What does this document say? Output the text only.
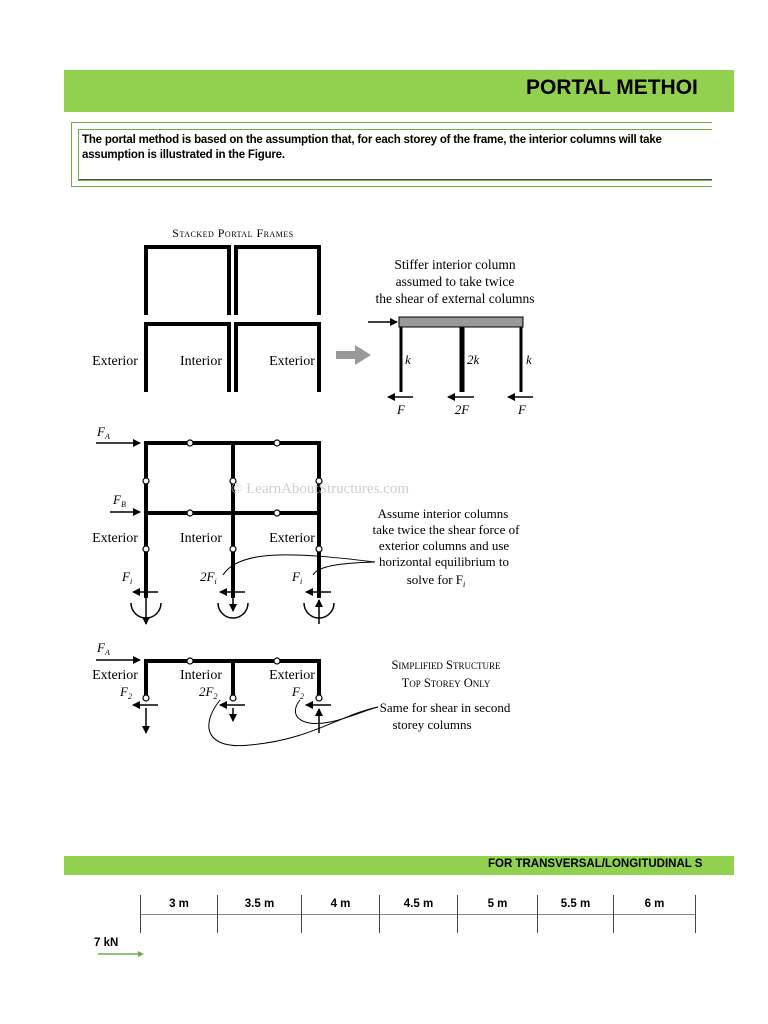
PORTAL METHOI
The portal method is based on the assumption that, for each storey of the frame, the interior columns will take
assumption is illustrated in the Figure.
Stacked Portal Frames
Exterior	Interior	Exterior
Stiffer interior column
assumed to take twice
the shear of external columns
k	2k	k
F	2F	F
$F_A$
$F_B$
Exterior	Interior	Exterior
© LearnAboutStructures.com
$F_i$	$2F_i$	$F_i$
Assume interior columns
take twice the shear force of
exterior columns and use
horizontal equilibrium to
solve for $F_i$
$F_A$
Exterior	Interior	Exterior
$F_2$	$2F_2$	$F_2$
Simplified Structure
Top Storey Only
Same for shear in second
storey columns
FOR TRANSVERSAL/LONGITUDINAL S
3 m	3.5 m	4 m	4.5 m	5 m	5.5 m	6 m
7 kN
